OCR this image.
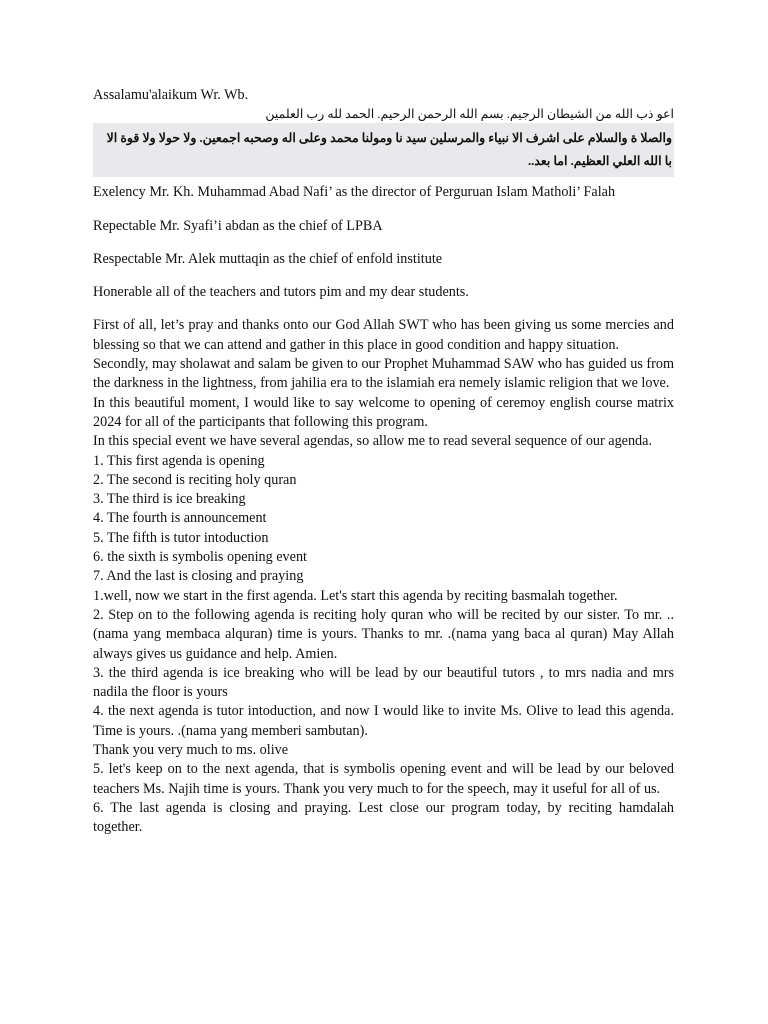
Assalamu'alaikum Wr. Wb.

اعو ذب الله من الشيطان الرجيم. بسم الله الرحمن الرحيم. الحمد لله رب العلمين

والصلا ة والسلام على اشرف الا نبياء والمرسلين سيد نا ومولنا محمد وعلى اله وصحبه اجمعين. ولا حولا ولا قوة الا با الله العلي العظيم. اما بعد..

Exelency Mr. Kh. Muhammad Abad Nafi’ as the director of Perguruan Islam Matholi’ Falah

Repectable Mr. Syafi’i abdan as the chief of LPBA

Respectable Mr. Alek muttaqin as the chief of enfold institute

Honerable all of the teachers and tutors pim and my dear students.

First of all, let’s pray and thanks onto our God Allah SWT who has been giving us some mercies and blessing so that we can attend and gather in this place in good condition and happy situation.

Secondly, may sholawat and salam be given to our Prophet Muhammad SAW who has guided us from the darkness in the lightness, from jahilia era to the islamiah era nemely islamic religion that we love.

In this beautiful moment, I would like to say welcome to opening of ceremoy english course matrix 2024 for all of the participants that following this program.

In this special event we have several agendas, so allow me to read several sequence of our agenda.

1. This first agenda is opening
2. The second is reciting holy quran
3. The third is ice breaking
4. The fourth is announcement
5. The fifth is tutor intoduction
6. the sixth is symbolis opening event
7. And the last is closing and praying

1.well, now we start in the first agenda. Let's start this agenda by reciting basmalah together.

2. Step on to the following agenda is reciting holy quran who will be recited by our sister. To mr. ..(nama yang membaca alquran) time is yours. Thanks to mr. .(nama yang baca al quran) May Allah always gives us guidance and help. Amien.

3. the third agenda is ice breaking who will be lead by our beautiful tutors , to mrs nadia and mrs nadila the floor is yours

4. the next agenda is tutor intoduction, and now I would like to invite Ms. Olive to lead this agenda. Time is yours. .(nama yang memberi sambutan).

Thank you very much to ms. olive

5. let's keep on to the next agenda, that is symbolis opening event and will be lead by our beloved teachers Ms. Najih time is yours. Thank you very much to for the speech, may it useful for all of us.

6. The last agenda is closing and praying. Lest close our program today, by reciting hamdalah together.
